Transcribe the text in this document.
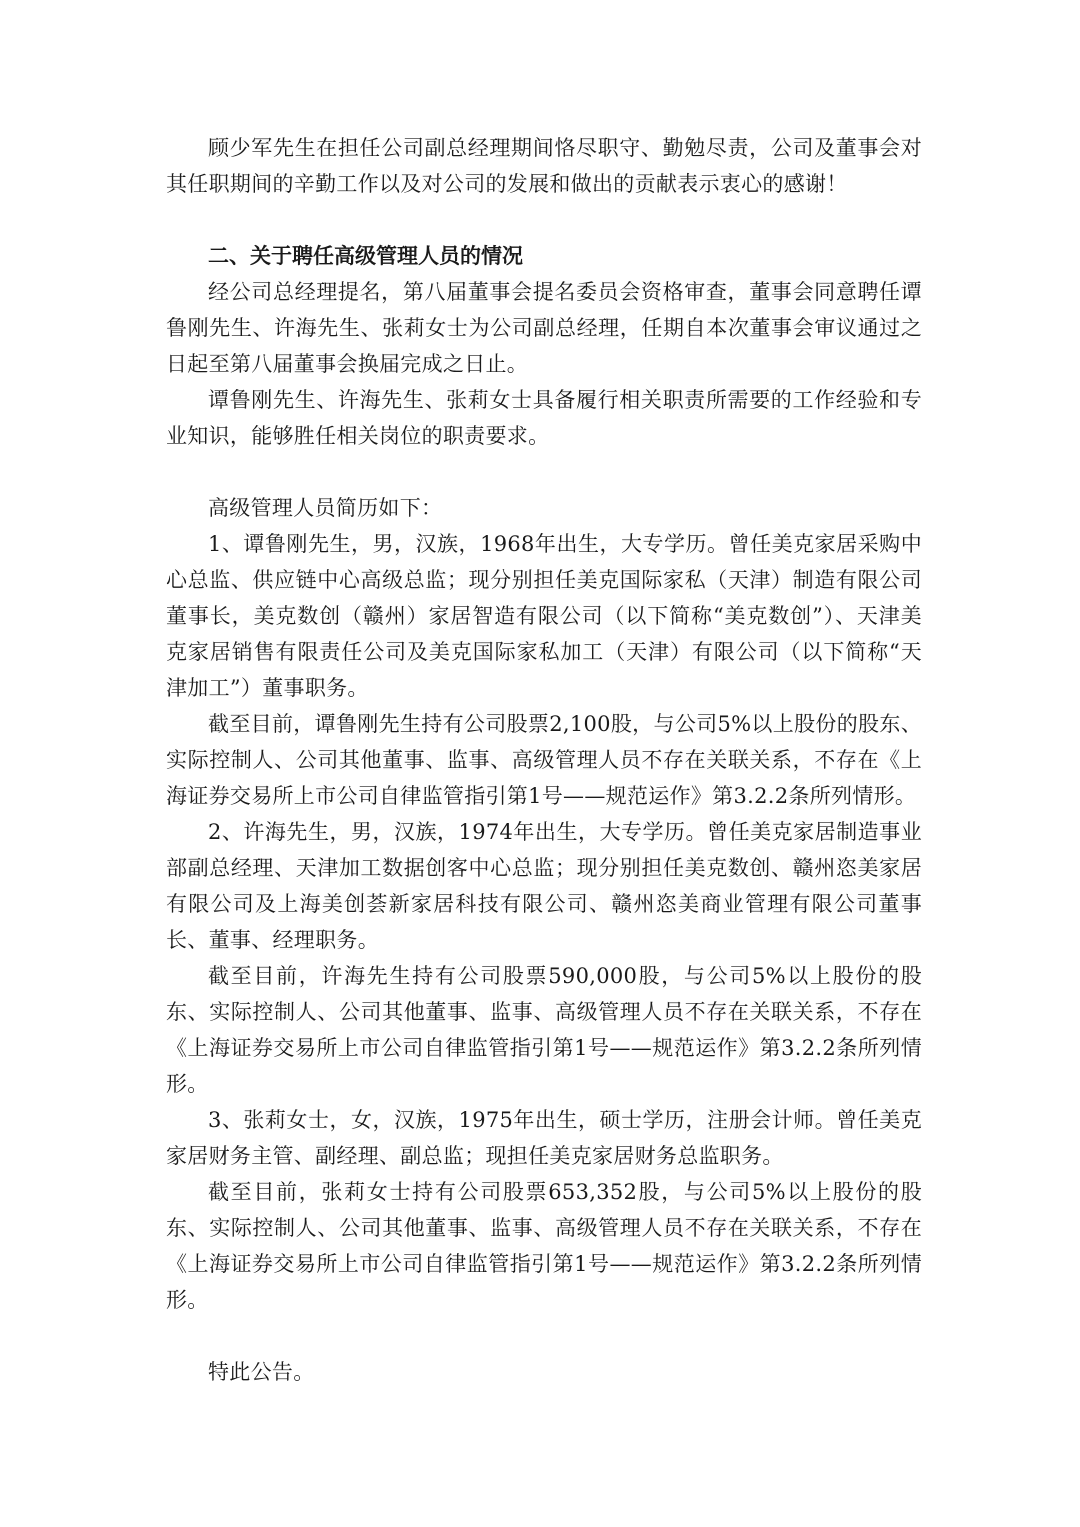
顾少军先生在担任公司副总经理期间恪尽职守、勤勉尽责，公司及董事会对其任职期间的辛勤工作以及对公司的发展和做出的贡献表示衷心的感谢！

二、关于聘任高级管理人员的情况

经公司总经理提名，第八届董事会提名委员会资格审查，董事会同意聘任谭鲁刚先生、许海先生、张莉女士为公司副总经理，任期自本次董事会审议通过之日起至第八届董事会换届完成之日止。

谭鲁刚先生、许海先生、张莉女士具备履行相关职责所需要的工作经验和专业知识，能够胜任相关岗位的职责要求。

高级管理人员简历如下：

1、谭鲁刚先生，男，汉族，1968年出生，大专学历。曾任美克家居采购中心总监、供应链中心高级总监；现分别担任美克国际家私（天津）制造有限公司董事长，美克数创（赣州）家居智造有限公司（以下简称“美克数创”）、天津美克家居销售有限责任公司及美克国际家私加工（天津）有限公司（以下简称“天津加工”）董事职务。

截至目前，谭鲁刚先生持有公司股票2,100股，与公司5%以上股份的股东、实际控制人、公司其他董事、监事、高级管理人员不存在关联关系，不存在《上海证券交易所上市公司自律监管指引第1号——规范运作》第3.2.2条所列情形。

2、许海先生，男，汉族，1974年出生，大专学历。曾任美克家居制造事业部副总经理、天津加工数据创客中心总监；现分别担任美克数创、赣州恣美家居有限公司及上海美创荟新家居科技有限公司、赣州恣美商业管理有限公司董事长、董事、经理职务。

截至目前，许海先生持有公司股票590,000股，与公司5%以上股份的股东、实际控制人、公司其他董事、监事、高级管理人员不存在关联关系，不存在《上海证券交易所上市公司自律监管指引第1号——规范运作》第3.2.2条所列情形。

3、张莉女士，女，汉族，1975年出生，硕士学历，注册会计师。曾任美克家居财务主管、副经理、副总监；现担任美克家居财务总监职务。

截至目前，张莉女士持有公司股票653,352股，与公司5%以上股份的股东、实际控制人、公司其他董事、监事、高级管理人员不存在关联关系，不存在《上海证券交易所上市公司自律监管指引第1号——规范运作》第3.2.2条所列情形。

特此公告。
